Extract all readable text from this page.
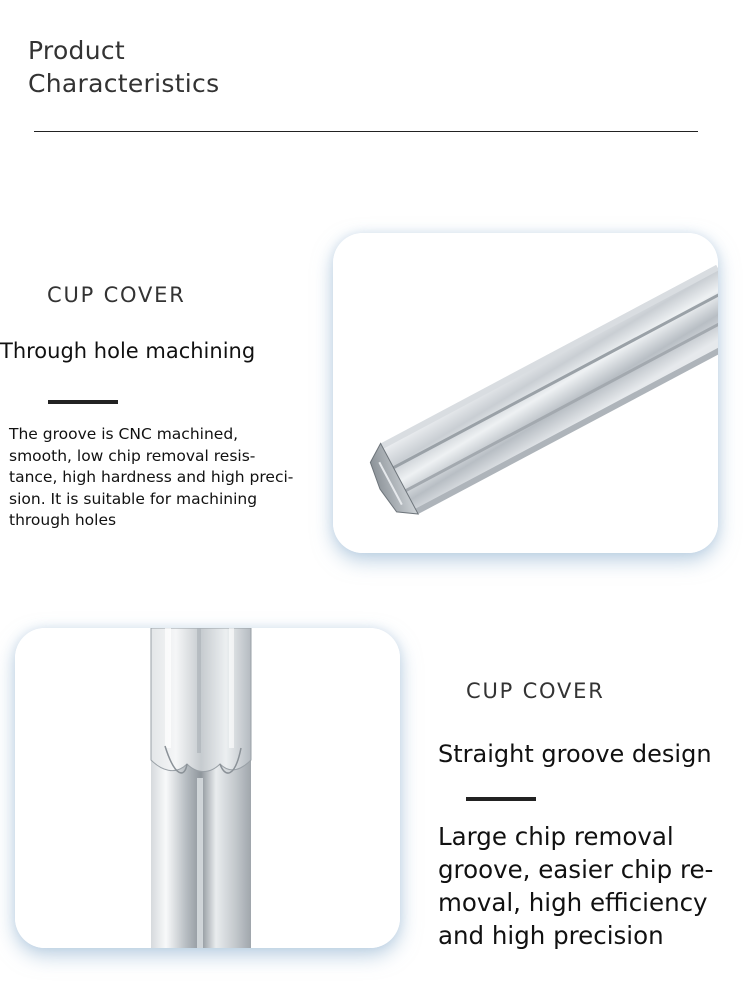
Product
Characteristics
CUP COVER
Through hole machining
The groove is CNC machined,
smooth, low chip removal resis-
tance, high hardness and high preci-
sion. It is suitable for machining
through holes
CUP COVER
Straight groove design
Large chip removal
groove, easier chip re-
moval, high efficiency
and high precision
